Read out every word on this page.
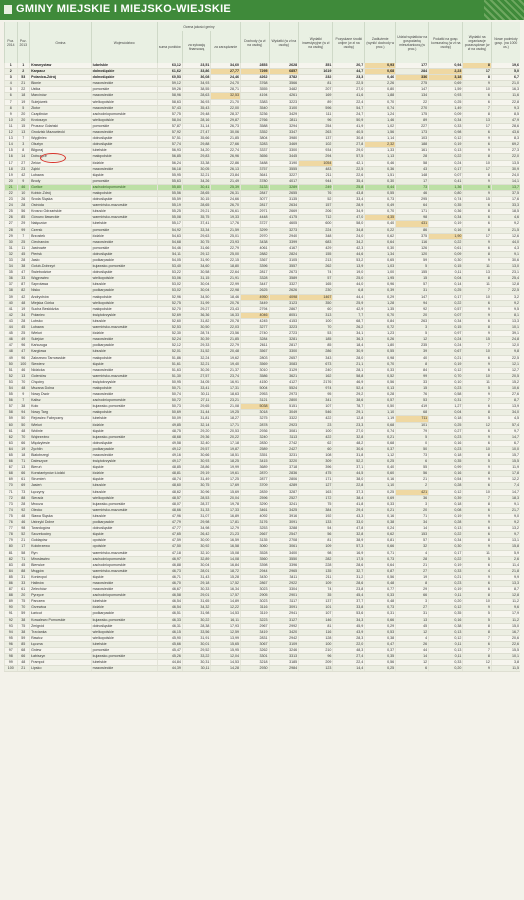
GMINY MIEJSKIE I MIEJSKO-WIEJSKIE
Poz. 2014	Poz. 2013	Gmina	Województwo	Ocena jakości gminy			Dochody (w zł na osobę)	Wydatki (w zł na osobę)	Wydatki inwestycyjne (w zł na osobę)	Pozyskane środki unijne (w zł na osobę)	Zadłużenie (wynik/ dochody w proc.)	Udział wydatków na gospodarkę mieszkaniową (w proc.)	Podatki na gosp. komunalną (w zł na osobę)	Wydatki na organizacje pozarządowe (w zł na osobę)	Nowe podmioty gosp. (na 1000 os.)
				suma punktów	za sytuację finansową	za zarządzanie									
1	1	Krasnystaw	lubelskie	63,12	23,51	34,60	2853	2628	351	20,7	0,93	177	0,94	8	19,6
2	2	Karpacz	dolnośląskie	61,62	33,86	27,77	7295	6857	1619	44,7	0,68	284	2,23	17	5,0
3	53	Polanica-Zdrój	dolnośląskie	60,53	36,08	24,46	4262	3782	232	23,3	0,46	336	3,18	8	6,7
4	21	Błonie	mazowieckie	59,12	34,93	24,70	3768	3566	81	22,5	2,26	275	0,69	9	21,0
5	22	Ustka	pomorskie	59,26	38,55	28,71	3555	3482	207	27,0	0,80	147	1,59	10	16,3
6	18	Marcinów	mazowieckie	58,96	28,63	32,53	4194	4261	169	41,6	1,88	134	0,93	6	11,6
7	19	Sulejówek	wielkopolskie	58,63	36,93	21,70	3383	3223	89	22,4	0,70	22	0,25	6	22,8
8	5	Złotor	mazowieckie	57,43	35,43	22,00	3540	3100	596	54,7	0,74	270	1,49	7	9,3
9	20	Czaplinów	zachodniopomorskie	57,75	29,48	28,37	3236	3429	111	24,7	1,24	175	0,09	8	8,5
10	20	Krotoszyn	wielkopolskie	58,04	28,16	29,87	2766	2811	96	50,9	1,46	89	0,34	13	47,9
11	15	Pruszcz Gdański	pomorskie	57,87	31,14	26,73	3588	3294	254	41,9	1,02	227	0,33	17	28,6
12	13	Grodzisk Mazowiecki	mazowieckie	57,92	27,47	30,06	3352	3347	263	40,5	1,56	173	0,98	6	43,6
13	7	Węgliniec	dolnośląskie	57,51	35,66	21,85	3804	3980	137	30,8	1,14	103	0,12	9	8,3
14	3	Olsztyn	dolnośląskie	57,74	29,88	27,66	3283	3469	102	27,8	2,32	188	0,19	6	69,2
15	8	Bilgoraj	lubelskie	56,93	34,20	22,74	3337	3300	934	29,0	1,33	161	0,13	9	27,3
16	14	Dobczyce	małopolskie	56,85	29,83	26,96	3656	3445	294	57,5	1,13	28	0,22	8	22,0
17	27	Żelów	łódzkie	56,24	33,38	22,86	3488	3190	1054	42,1	0,46	58	0,24	10	13,5
18	23	Ząbki	mazowieckie	56,18	30,05	26,13	3757	3555	483	22,5	0,36	43	0,17	17	30,9
19	42	Lubawa	śląskie	55,95	32,21	23,84	3641	3227	211	22,6	1,51	148	0,07	8	24,0
20	9	Brody	pomorskie	55,63	34,26	21,49	3780	4017	944	35,4	0,30	17	0,41	9	14,1
21	46	Gorlice	zachodniopomorskie	55,80	30,41	25,39	3133	3289	249	25,8	0,44	73	1,36	6	13,7
22	10	Kobiór-Zdrój	małopolskie	55,56	28,65	26,31	2847	2655	76	43,8	0,55	46	0,80	9	37,5
23	26	Środa Śląska	dolnośląskie	55,59	30,15	24,66	3077	3135	52	33,4	0,73	295	0,74	15	17,6
24	28	Ostróda	warmińsko-mazurskie	55,19	28,65	26,70	2817	2634	157	28,9	0,49	64	0,35	6	33,3
25	56	Krosno Odrzańskie	lubuskie	55,25	29,21	26,61	2971	2669	206	34,9	0,70	171	0,36	8	18,5
26	85	Górowo Iławeckie	warmińsko-mazurskie	55,08	35,75	19,33	4448	4175	712	47,0	4,35	98	0,34	6	4,6
27	29	Nałęczów	lubelskie	55,17	37,41	17,76	3727	4605	600	58,0	0,40	431	0,19	6	9,2
28	99	Czersk	pomorskie	54,92	33,34	21,59	3299	3273	224	34,8	0,22	86	0,16	8	21,5
29	7	Brzostek	łódzkie	54,63	29,63	25,01	2970	2940	348	24,0	0,62	375	1,90	17	12,6
30	25	Ciechanów	mazowieckie	54,68	30,75	23,93	3438	3399	683	34,2	0,64	116	0,22	9	44,0
31	11	Jastrowie	pomorskie	54,46	31,66	22,79	4061	4167	429	42,3	0,30	126	0,61	6	4,3
32	45	Pieńsk	dolnośląskie	54,11	29,12	25,00	2882	2824	155	44,6	1,34	120	0,09	8	9,1
33	28	Jasło	podkarpackie	54,05	31,90	22,15	3367	3105	213	53,2	0,65	59	0,30	9	30,6
34	38	Golub-Dobrzyń	kujawsko-pomorskie	53,40	34,60	18,80	3396	3557	262	13,9	1,03	5	0,15	11	13,0
35	47	Świebodzice	dolnośląskie	53,22	30,58	22,64	2817	2673	74	19,0	1,00	155	0,11	13	23,1
36	33	Wągrowiec	wielkopolskie	53,06	31,15	21,91	3328	3589	57	25,0	1,95	15	0,04	8	25,4
37	87	Szprotawa	lubuskie	53,02	30,04	22,99	3447	3327	165	44,0	0,96	57	0,14	11	12,8
38	82	Nisko	podkarpackie	53,02	30,04	22,98	2625	2626	230	6,8	0,39	31	0,25	7	22,5
39	42	Andrychów	małopolskie	52,96	34,50	18,46	4950	4098	1467	44,4	0,29	147	0,17	10	3,2
40	48	Miejska Górka	wielkopolskie	52,75	31,99	20,76	3449	3123	350	25,9	1,28	94	0,22	6	9,2
41	19	Sucha Beskidzka	małopolskie	52,70	29,27	23,43	2794	2867	60	42,9	1,35	92	0,57	9	9,5
42	34	Połaniec	świętokrzyskie	52,69	36,36	16,33	4046	8051	313	7,7	0,70	20	0,07	9	8,1
43	28	Lubsko	lubuskie	52,60	31,82	20,78	4245	4153	100	68,7	0,84	263	0,34	6	13,3
44	45	Lubawa	warmińsko-mazurskie	52,53	30,50	22,03	3277	3223	70	26,2	0,72	3	0,15	8	10,1
45	25	Wieluń	łódzkie	52,30	28,74	23,56	2740	2723	53	34,1	1,23	5	0,97	9	39,1
46	49	Sulejów	mazowieckie	52,24	30,39	21,85	3284	3281	185	36,3	0,26	12	0,24	15	24,8
47	96	Kańczuga	podkarpackie	52,12	29,33	22,79	2611	2817	85	18,4	1,80	235	0,24	7	12,0
48	47	Karglowa	lubuskie	52,01	31,52	20,48	3567	3300	286	30,9	0,55	39	0,67	10	9,8
49	96	Zakrzewo Tarnowskie	małopolskie	51,86	32,24	19,62	2803	2657	343	28,0	0,98	40	0,21	6	22,5
50	100	Siewierz	śląskie	51,61	32,21	19,40	3569	3083	673	21,1	0,70	8	0,19	9	12,1
51	46	Nidzicka	mazowieckie	51,63	30,26	21,37	3010	3129	240	28,1	0,33	84	0,12	6	12,7
52	13	Goleniów	warmińsko-mazurskie	51,30	27,57	23,74	3586	3621	162	58,8	0,52	99	0,70	10	20,5
53	70	Chęciny	świętokrzyskie	50,95	34,05	16,91	4150	4127	2176	46,9	0,56	33	0,10	11	15,2
54	48	Mszana Dolna	małopolskie	50,71	33,41	17,31	5004	5524	974	52,4	0,13	15	0,23	5	10,6
55	9	Nowy Dwór	mazowieckie	50,74	30,11	18,63	2953	2973	95	29,2	0,28	76	0,58	9	27,6
56	7	Kalisz	zachodniopomorskie	50,72	27,11	23,21	3121	2800	341	38,6	0,57	53	0,31	7	8,7
57	38	Koło	kujawsko-pomorskie	50,73	29,65	21,08	5038	5151	107	78,7	0,50	419	1,27	6	13,9
58	94	Nowy Targ	małopolskie	50,69	31,44	19,25	3018	3049	546	29,1	1,10	68	0,04	8	34,0
59	50	Rejowiec Fabryczny	lubelskie	50,09	31,81	18,27	3275	3322	422	12,8	1,19	711	0,18	5	4,5
60	50	Wieluń	łódzkie	49,85	32,14	17,71	2878	2923	23	23,3	0,68	101	0,25	12	57,4
61	48	Wolinie	śląskie	48,75	29,20	20,53	2936	3081	100	27,0	0,74	79	0,27	6	9,7
62	70	Wąbrzeźno	kujawsko-pomorskie	48,68	29,36	20,22	3240	3113	422	32,8	0,21	5	0,23	9	14,7
63	66	Międzylesie	dolnośląskie	49,58	32,40	17,18	2830	2742	62	48,2	0,68	0	0,16	6	6,7
64	19	Żychlin	podkarpackie	49,12	29,57	19,87	2589	2427	60	30,6	0,37	50	0,23	10	10,0
65	18	Białobrzegi	mazowieckie	49,16	30,66	18,51	3351	3231	108	31,8	1,12	73	0,18	8	15,7
66	71	Daleszyce	świętokrzyskie	49,17	30,93	18,25	3415	3220	309	52,2	0,25	6	0,35	5	15,5
67	13	Bieruń	śląskie	48,85	28,86	19,99	3689	3718	396	37,1	0,40	55	0,99	9	11,9
68	66	Konstantynów Łódzki	łódzkie	48,81	29,19	19,61	2870	2836	475	44,5	0,60	56	0,16	8	17,8
69	61	Strumień	śląskie	48,74	31,49	17,25	2877	2806	171	38,0	0,16	21	0,54	9	12,2
70	69	Jasień	lubuskie	48,60	30,75	17,69	3709	4289	127	22,8	1,10	2	0,28	6	7,4
71	73	Łęczyny	lubuskie	48,62	30,96	15,69	2839	3287	163	37,3	0,25	421	0,12	10	14,7
72	88	Sieradz	wielkopolskie	48,57	28,53	20,04	2596	2527	172	38,4	0,69	36	0,39	7	18,3
73	28	Mrocza	kujawsko-pomorskie	48,07	28,37	19,78	3290	3241	75	41,8	0,33	3	0,18	8	9,1
74	92	Olecko	warmińsko-mazurskie	48,66	31,33	17,33	3461	3425	384	29,4	0,21	20	0,08	6	21,7
75	48	Sława Śląska	lubuskie	47,96	31,07	16,89	4092	3916	192	43,3	0,16	71	0,19	9	9,0
76	46	Ustrzyki Dolne	podkarpackie	47,79	29,98	17,81	3176	3091	133	33,0	0,38	34	0,28	9	9,2
77	98	Twardogóra	dolnośląskie	47,77	34,98	12,79	3253	3288	54	47,8	0,24	14	0,13	6	13,2
78	52	Szczekociny	śląskie	47,65	26,42	21,23	2667	2547	56	32,8	0,62	153	0,22	6	9,7
79	21	Gołdapów	opolskie	47,59	30,00	16,59	3135	2708	81	38,9	0,81	57	0,34	8	13,1
80	17	Kołobrzewo	opolskie	47,50	30,92	16,58	3060	3061	109	57,3	0,66	32	0,30	9	15,8
81	58	Ryn	warmińsko-mazurskie	47,18	32,10	15,08	3528	3400	98	16,9	0,71	4	0,17	11	5,9
82	71	Mirosławiec	zachodniopomorskie	46,97	32,89	14,08	3560	3550	282	17,5	0,73	28	0,22	5	2,6
83	45	Bierwice	zachodniopomorskie	46,88	30,04	16,84	3398	3396	228	28,6	0,64	21	0,19	6	11,4
84	88	Mrągów	warmińsko-mazurskie	46,73	28,01	18,72	2944	2965	135	32,7	0,87	27	0,33	4	21,8
85	31	Koniecpol	śląskie	46,71	31,43	15,28	3430	3411	211	31,2	0,56	19	0,21	9	9,9
86	33	Halinów	mazowieckie	46,70	29,18	17,52	2867	2922	109	28,6	0,48	8	0,23	6	13,3
87	61	Żelechów	mazowieckie	46,67	30,33	16,34	3023	3304	74	23,8	0,77	29	0,19	6	8,7
88	20	Pyrzyce	zachodniopomorskie	46,58	29,01	17,57	2905	2901	35	45,4	0,33	66	0,11	8	12,8
89	75	Parczew	lubelskie	46,54	31,65	14,89	3023	3117	137	37,7	0,48	3	0,20	10	11,2
90	70	Grzewica	łódzkie	46,54	34,32	12,22	3116	3091	101	33,8	0,73	27	0,12	9	9,6
91	59	Łańcut	podkarpackie	46,51	31,98	14,53	3119	2941	107	53,6	0,31	31	0,35	5	17,9
92	38	Kowalewo Pomorskie	kujawsko-pomorskie	46,33	30,22	16,11	3223	3127	146	34,3	0,66	13	0,16	5	11,2
93	75	Żmigród	dolnośląskie	46,31	28,38	17,93	2967	2992	81	45,9	0,29	45	0,38	8	15,0
94	38	Trzcianka	wielkopolskie	46,15	33,56	12,59	3419	3420	116	43,9	0,53	12	0,13	8	16,7
95	59	Rawicz	wielkopolskie	45,90	31,91	13,99	2831	2942	128	28,3	0,38	4	0,12	7	20,6
96	85	Łęczna	lubelskie	45,66	30,01	15,65	3067	3109	100	22,0	0,47	26	0,11	6	22,6
97	68	Gniew	pomorskie	45,47	29,52	15,95	3262	3246	210	48,3	0,37	44	0,13	7	15,5
98	66	Łabiszyn	kujawsko-pomorskie	45,26	33,22	12,04	3301	3313	96	27,4	0,35	14	0,11	8	10,1
99	48	Frampol	lubelskie	44,84	30,31	14,53	3218	3185	209	22,4	0,56	12	0,33	12	3,8
100	21	Lipsko	mazowieckie	44,39	30,11	14,28	2930	2984	123	14,4	0,25	6	0,20	9	11,5
